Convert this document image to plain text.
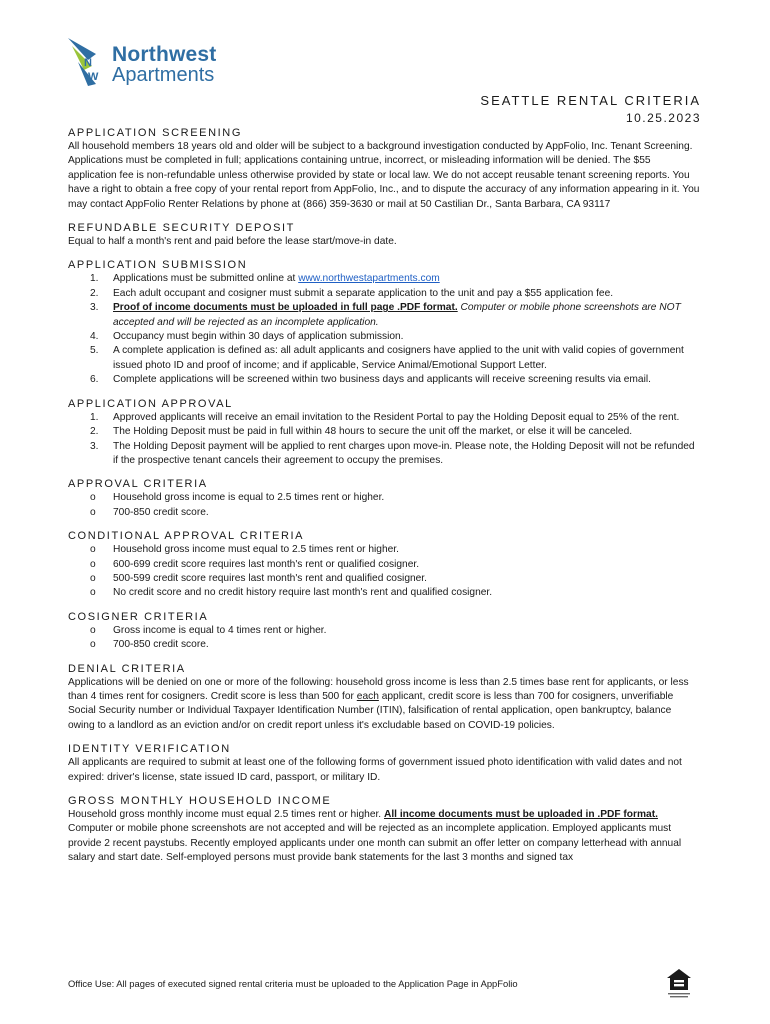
N
W
Northwest
Apartments
SEATTLE RENTAL CRITERIA
10.25.2023
APPLICATION SCREENING
All household members 18 years old and older will be subject to a background investigation conducted by AppFolio, Inc. Tenant Screening. Applications must be completed in full; applications containing untrue, incorrect, or misleading information will be denied. The $55 application fee is non-refundable unless otherwise provided by state or local law. We do not accept reusable tenant screening reports. You have a right to obtain a free copy of your rental report from AppFolio, Inc., and to dispute the accuracy of any information appearing in it. You may contact AppFolio Renter Relations by phone at (866) 359-3630 or mail at 50 Castilian Dr., Santa Barbara, CA 93117
REFUNDABLE SECURITY DEPOSIT
Equal to half a month's rent and paid before the lease start/move-in date.
APPLICATION SUBMISSION
1. Applications must be submitted online at www.northwestapartments.com
2. Each adult occupant and cosigner must submit a separate application to the unit and pay a $55 application fee.
3. Proof of income documents must be uploaded in full page .PDF format. Computer or mobile phone screenshots are NOT accepted and will be rejected as an incomplete application.
4. Occupancy must begin within 30 days of application submission.
5. A complete application is defined as: all adult applicants and cosigners have applied to the unit with valid copies of government issued photo ID and proof of income; and if applicable, Service Animal/Emotional Support Letter.
6. Complete applications will be screened within two business days and applicants will receive screening results via email.
APPLICATION APPROVAL
1. Approved applicants will receive an email invitation to the Resident Portal to pay the Holding Deposit equal to 25% of the rent.
2. The Holding Deposit must be paid in full within 48 hours to secure the unit off the market, or else it will be canceled.
3. The Holding Deposit payment will be applied to rent charges upon move-in. Please note, the Holding Deposit will not be refunded if the prospective tenant cancels their agreement to occupy the premises.
APPROVAL CRITERIA
o Household gross income is equal to 2.5 times rent or higher.
o 700-850 credit score.
CONDITIONAL APPROVAL CRITERIA
o Household gross income must equal to 2.5 times rent or higher.
o 600-699 credit score requires last month's rent or qualified cosigner.
o 500-599 credit score requires last month's rent and qualified cosigner.
o No credit score and no credit history require last month's rent and qualified cosigner.
COSIGNER CRITERIA
o Gross income is equal to 4 times rent or higher.
o 700-850 credit score.
DENIAL CRITERIA
Applications will be denied on one or more of the following: household gross income is less than 2.5 times base rent for applicants, or less than 4 times rent for cosigners. Credit score is less than 500 for each applicant, credit score is less than 700 for cosigners, unverifiable Social Security number or Individual Taxpayer Identification Number (ITIN), falsification of rental application, open bankruptcy, balance owing to a landlord as an eviction and/or on credit report unless it's excludable based on COVID-19 policies.
IDENTITY VERIFICATION
All applicants are required to submit at least one of the following forms of government issued photo identification with valid dates and not expired: driver's license, state issued ID card, passport, or military ID.
GROSS MONTHLY HOUSEHOLD INCOME
Household gross monthly income must equal 2.5 times rent or higher. All income documents must be uploaded in .PDF format. Computer or mobile phone screenshots are not accepted and will be rejected as an incomplete application. Employed applicants must provide 2 recent paystubs. Recently employed applicants under one month can submit an offer letter on company letterhead with annual salary and start date. Self-employed persons must provide bank statements for the last 3 months and signed tax
Office Use: All pages of executed signed rental criteria must be uploaded to the Application Page in AppFolio
